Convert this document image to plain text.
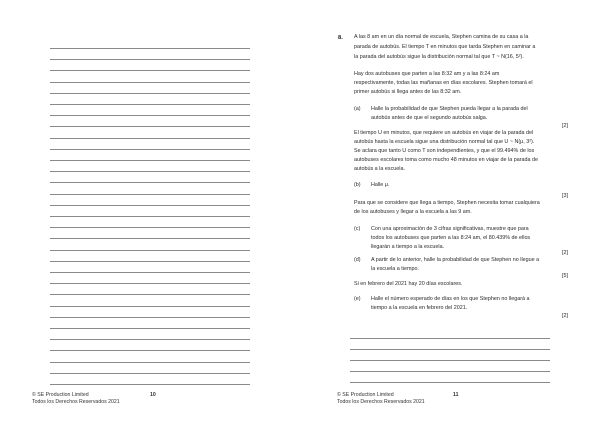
© SE Production Limited
Todos los Derechos Reservados 2021
10
8. A las 8 am en un día normal de escuela, Stephen camina de su casa a la
parada de autobús. El tiempo T en minutos que tarda Stephen en caminar a
la parada del autobús sigue la distribución normal tal que T ~ N(16, 5²).
Hay dos autobuses que parten a las 8:32 am y a las 8:24 am
respectivamente, todas las mañanas en días escolares. Stephen tomará el
primer autobús si llega antes de las 8:32 am.
(a) Halle la probabilidad de que Stephen pueda llegar a la parada del
autobús antes de que el segundo autobús salga.
[2]
El tiempo U en minutos, que requiere un autobús en viajar de la parada del
autobús hasta la escuela sigue una distribución normal tal que U ~ N(μ, 3²).
Se aclara que tanto U como T son independientes, y que el 99.494% de los
autobuses escolares toma como mucho 48 minutos en viajar de la parada de
autobús a la escuela.
(b) Halle μ.
[3]
Para que se considere que llega a tiempo, Stephen necesita tomar cualquiera
de los autobuses y llegar a la escuela a las 9 am.
(c) Con una aproximación de 3 cifras significativas, muestre que para
todos los autobuses que parten a las 8:24 am, el 80.439% de ellos
llegarán a tiempo a la escuela.
[2]
(d) A partir de lo anterior, halle la probabilidad de que Stephen no llegue a
la escuela a tiempo.
[5]
Si en febrero del 2021 hay 20 días escolares.
(e) Halle el número esperado de días en los que Stephen no llegará a
tiempo a la escuela en febrero del 2021.
[2]
© SE Production Limited
Todos los Derechos Reservados 2021
11
